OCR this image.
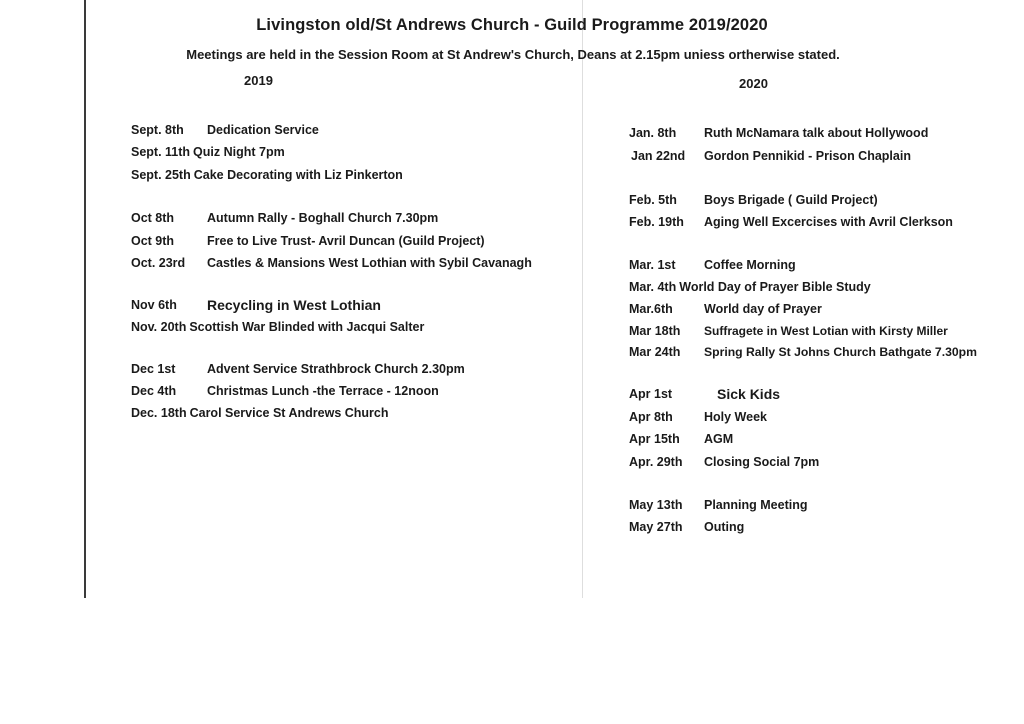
Livingston old/St Andrews Church - Guild Programme 2019/2020
Meetings are held in the Session Room at St Andrew's Church, Deans at 2.15pm uniess ortherwise stated.
2019	2020
Sept. 8th Dedication Service
Sept. 11th Quiz Night 7pm
Sept. 25th Cake Decorating with Liz Pinkerton
Oct 8th	Autumn Rally - Boghall Church 7.30pm
Oct 9th	Free to Live Trust- Avril Duncan (Guild Project)
Oct. 23rd Castles & Mansions West Lothian with Sybil Cavanagh
Nov 6th Recycling in West Lothian
Nov. 20th Scottish War Blinded with Jacqui Salter
Dec 1st	Advent Service Strathbrock Church 2.30pm
Dec 4th Christmas Lunch -the Terrace - 12noon
Dec. 18th Carol Service St Andrews Church
Jan. 8th Ruth McNamara talk about Hollywood
Jan 22nd Gordon Pennikid - Prison Chaplain
Feb. 5th Boys Brigade ( Guild Project)
Feb. 19th Aging Well Excercises with Avril Clerkson
Mar. 1st Coffee Morning
Mar. 4th World Day of Prayer Bible Study
Mar.6th World day of Prayer
Mar 18th Suffragete in West Lotian with Kirsty Miller
Mar 24th Spring Rally St Johns Church Bathgate 7.30pm
Apr 1st	Sick Kids
Apr 8th	Holy Week
Apr 15th AGM
Apr. 29th Closing Social 7pm
May 13th Planning Meeting
May 27th Outing
